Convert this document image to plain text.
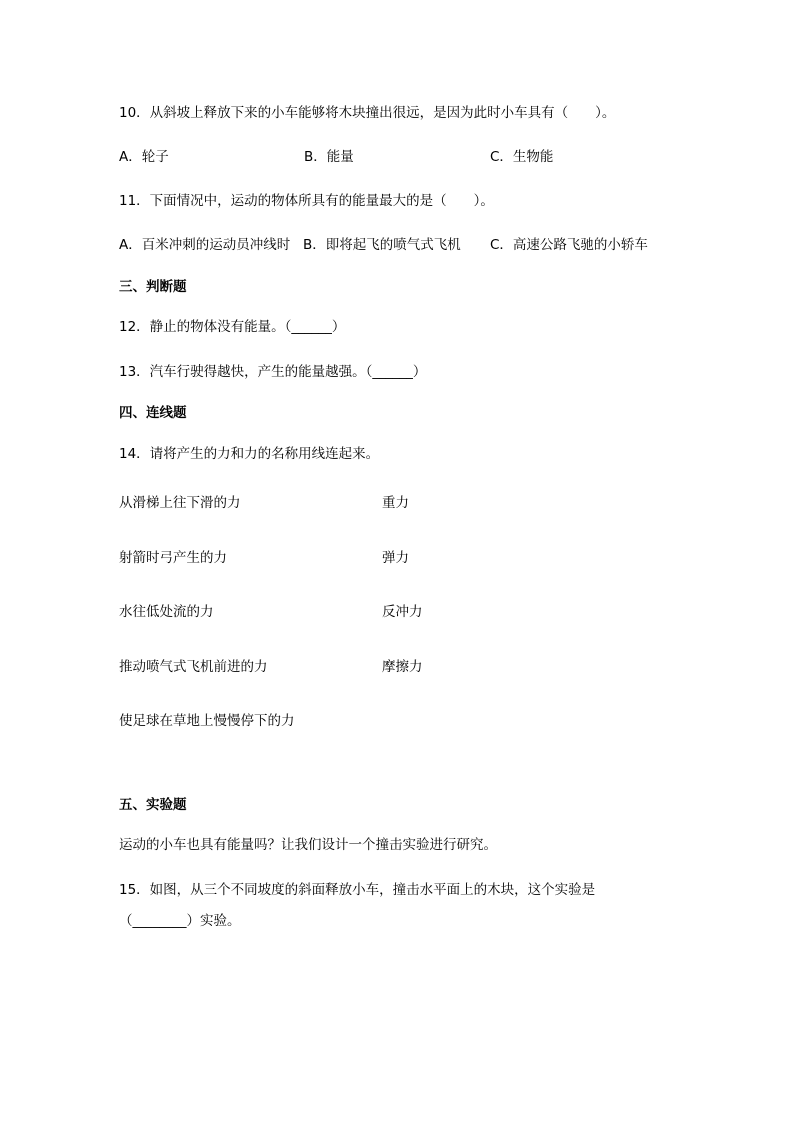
10．从斜坡上释放下来的小车能够将木块撞出很远，是因为此时小车具有（　　）。
A．轮子	B．能量	C．生物能
11．下面情况中，运动的物体所具有的能量最大的是（　　）。
A．百米冲刺的运动员冲线时 B．即将起飞的喷气式飞机 C．高速公路飞驰的小轿车
三、判断题
12．静止的物体没有能量。（______）
13．汽车行驶得越快，产生的能量越强。（______）
四、连线题
14．请将产生的力和力的名称用线连起来。
从滑梯上往下滑的力
射箭时弓产生的力
水往低处流的力
推动喷气式飞机前进的力
使足球在草地上慢慢停下的力
重力
弹力
反冲力
摩擦力
五、实验题
运动的小车也具有能量吗？让我们设计一个撞击实验进行研究。
15．如图，从三个不同坡度的斜面释放小车，撞击水平面上的木块，这个实验是
（________）实验。
